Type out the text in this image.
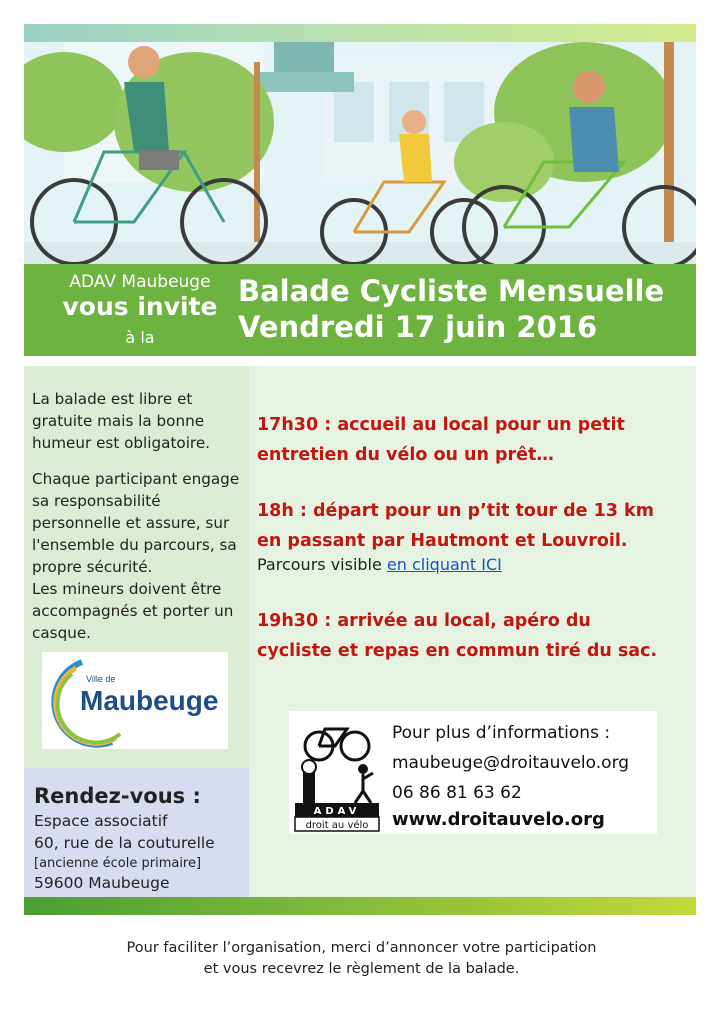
ADAV Maubeuge
vous invite
à la
Balade Cycliste Mensuelle
Vendredi 17 juin 2016

La balade est libre et gratuite mais la bonne humeur est obligatoire.

Chaque participant engage sa responsabilité personnelle et assure, sur l'ensemble du parcours, sa propre sécurité.

Les mineurs doivent être accompagnés et porter un casque.

Ville de
Maubeuge
Rendez-vous :
Espace associatif
60, rue de la couturelle
[ancienne école primaire]
59600 Maubeuge
17h30 : accueil au local pour un petit
entretien du vélo ou un prêt…
18h : départ pour un p’tit tour de 13 km
en passant par Hautmont et Louvroil.
Parcours visible en cliquant ICI
19h30 : arrivée au local, apéro du
cycliste et repas en commun tiré du sac.
ADAV
droit au vélo
Pour plus d’informations :
maubeuge@droitauvelo.org
06 86 81 63 62
www.droitauvelo.org
Pour faciliter l’organisation, merci d’annoncer votre participation
et vous recevrez le règlement de la balade.
